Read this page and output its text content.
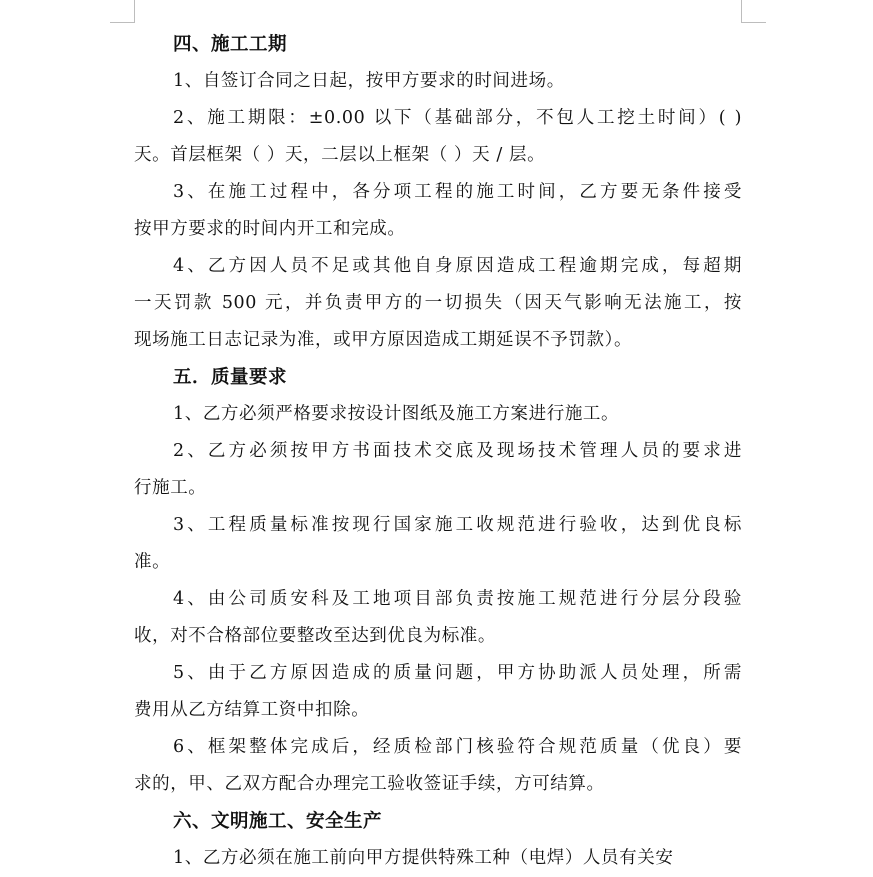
四、施工工期
1、自签订合同之日起，按甲方要求的时间进场。
2、施工期限：±0.00 以下（基础部分，不包人工挖土时间）( )
天。首层框架（ ）天，二层以上框架（ ）天 / 层。
3、在施工过程中，各分项工程的施工时间，乙方要无条件接受
按甲方要求的时间内开工和完成。
4、乙方因人员不足或其他自身原因造成工程逾期完成，每超期
一天罚款 500 元，并负责甲方的一切损失（因天气影响无法施工，按
现场施工日志记录为准，或甲方原因造成工期延误不予罚款）。
五．质量要求
1、乙方必须严格要求按设计图纸及施工方案进行施工。
2、乙方必须按甲方书面技术交底及现场技术管理人员的要求进
行施工。
3、工程质量标准按现行国家施工收规范进行验收，达到优良标
准。
4、由公司质安科及工地项目部负责按施工规范进行分层分段验
收，对不合格部位要整改至达到优良为标准。
5、由于乙方原因造成的质量问题，甲方协助派人员处理，所需
费用从乙方结算工资中扣除。
6、框架整体完成后，经质检部门核验符合规范质量（优良）要
求的，甲、乙双方配合办理完工验收签证手续，方可结算。
六、文明施工、安全生产
1、乙方必须在施工前向甲方提供特殊工种（电焊）人员有关安
